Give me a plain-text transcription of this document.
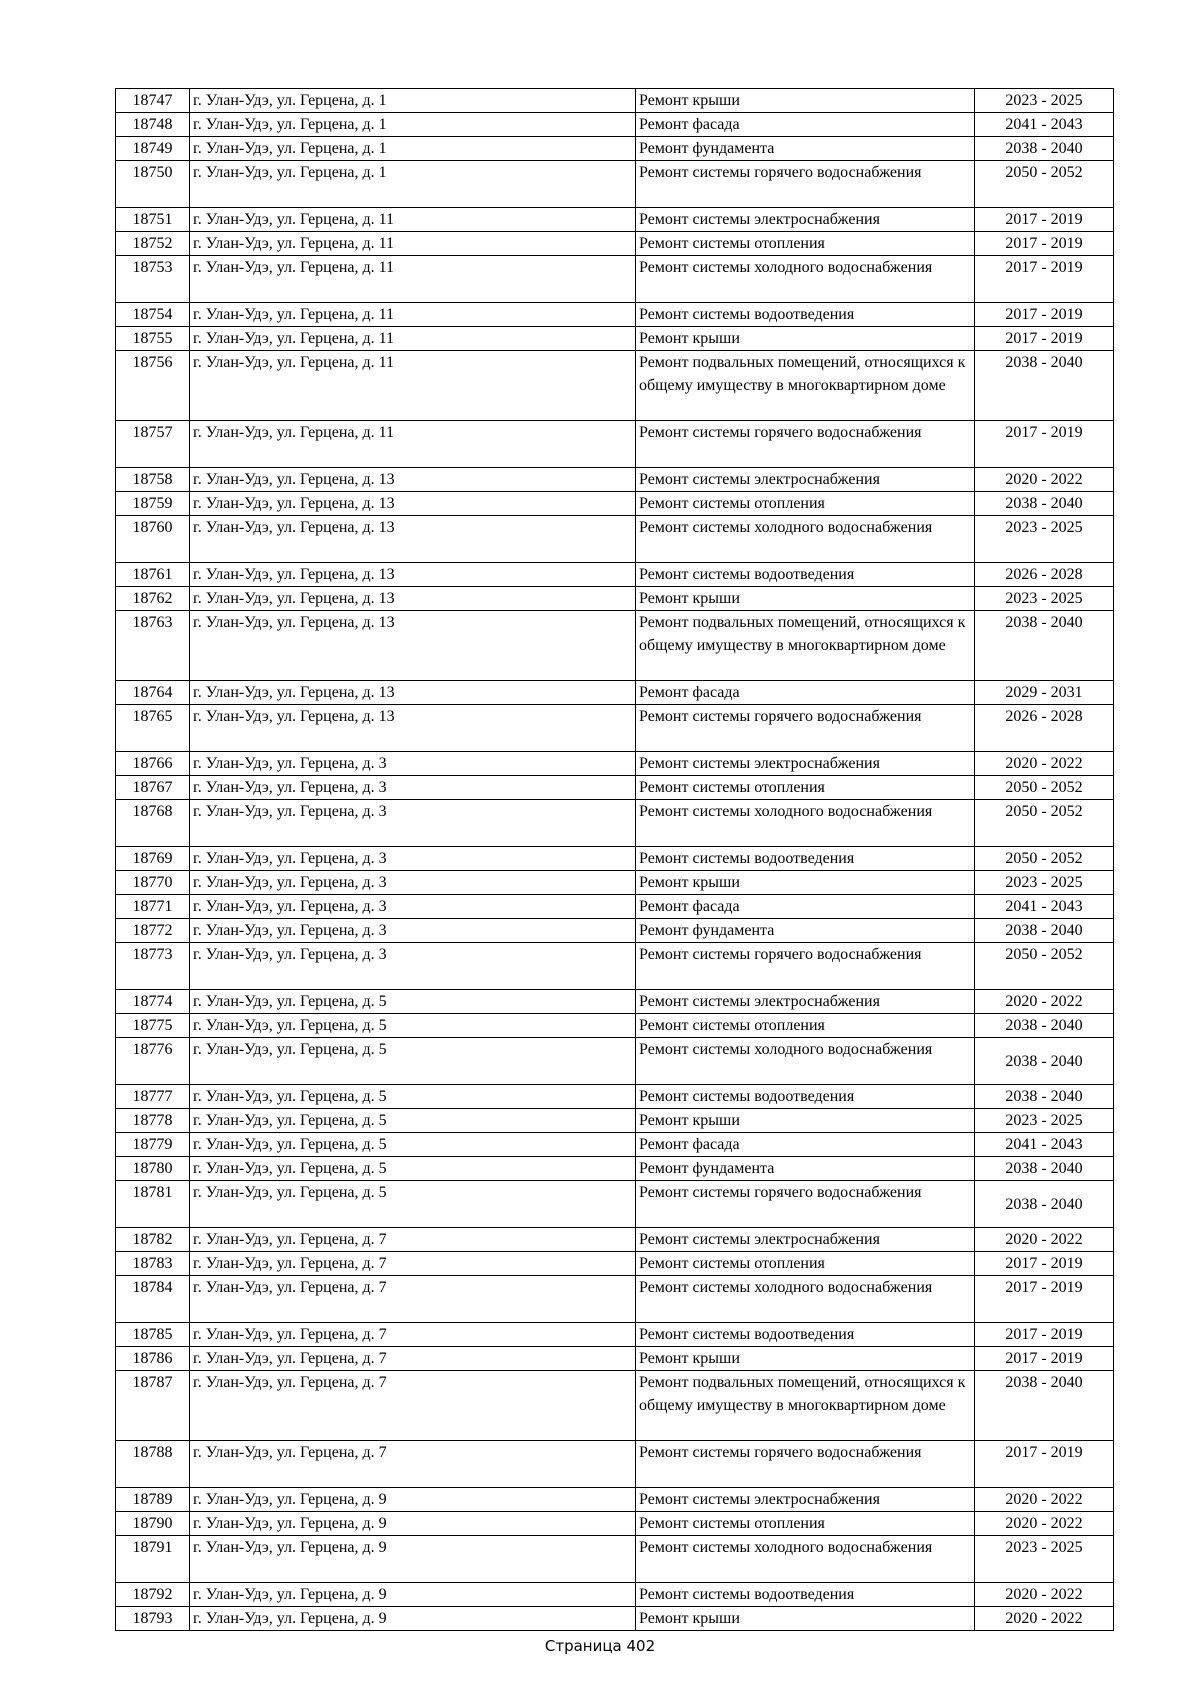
18747	г. Улан-Удэ, ул. Герцена, д. 1	Ремонт крыши	2023 - 2025
18748	г. Улан-Удэ, ул. Герцена, д. 1	Ремонт фасада	2041 - 2043
18749	г. Улан-Удэ, ул. Герцена, д. 1	Ремонт фундамента	2038 - 2040
18750	г. Улан-Удэ, ул. Герцена, д. 1	Ремонт системы горячего водоснабжения	2050 - 2052
18751	г. Улан-Удэ, ул. Герцена, д. 11	Ремонт системы электроснабжения	2017 - 2019
18752	г. Улан-Удэ, ул. Герцена, д. 11	Ремонт системы отопления	2017 - 2019
18753	г. Улан-Удэ, ул. Герцена, д. 11	Ремонт системы холодного водоснабжения	2017 - 2019
18754	г. Улан-Удэ, ул. Герцена, д. 11	Ремонт системы водоотведения	2017 - 2019
18755	г. Улан-Удэ, ул. Герцена, д. 11	Ремонт крыши	2017 - 2019
18756	г. Улан-Удэ, ул. Герцена, д. 11	Ремонт подвальных помещений, относящихся к общему имуществу в многоквартирном доме	2038 - 2040
18757	г. Улан-Удэ, ул. Герцена, д. 11	Ремонт системы горячего водоснабжения	2017 - 2019
18758	г. Улан-Удэ, ул. Герцена, д. 13	Ремонт системы электроснабжения	2020 - 2022
18759	г. Улан-Удэ, ул. Герцена, д. 13	Ремонт системы отопления	2038 - 2040
18760	г. Улан-Удэ, ул. Герцена, д. 13	Ремонт системы холодного водоснабжения	2023 - 2025
18761	г. Улан-Удэ, ул. Герцена, д. 13	Ремонт системы водоотведения	2026 - 2028
18762	г. Улан-Удэ, ул. Герцена, д. 13	Ремонт крыши	2023 - 2025
18763	г. Улан-Удэ, ул. Герцена, д. 13	Ремонт подвальных помещений, относящихся к общему имуществу в многоквартирном доме	2038 - 2040
18764	г. Улан-Удэ, ул. Герцена, д. 13	Ремонт фасада	2029 - 2031
18765	г. Улан-Удэ, ул. Герцена, д. 13	Ремонт системы горячего водоснабжения	2026 - 2028
18766	г. Улан-Удэ, ул. Герцена, д. 3	Ремонт системы электроснабжения	2020 - 2022
18767	г. Улан-Удэ, ул. Герцена, д. 3	Ремонт системы отопления	2050 - 2052
18768	г. Улан-Удэ, ул. Герцена, д. 3	Ремонт системы холодного водоснабжения	2050 - 2052
18769	г. Улан-Удэ, ул. Герцена, д. 3	Ремонт системы водоотведения	2050 - 2052
18770	г. Улан-Удэ, ул. Герцена, д. 3	Ремонт крыши	2023 - 2025
18771	г. Улан-Удэ, ул. Герцена, д. 3	Ремонт фасада	2041 - 2043
18772	г. Улан-Удэ, ул. Герцена, д. 3	Ремонт фундамента	2038 - 2040
18773	г. Улан-Удэ, ул. Герцена, д. 3	Ремонт системы горячего водоснабжения	2050 - 2052
18774	г. Улан-Удэ, ул. Герцена, д. 5	Ремонт системы электроснабжения	2020 - 2022
18775	г. Улан-Удэ, ул. Герцена, д. 5	Ремонт системы отопления	2038 - 2040
18776	г. Улан-Удэ, ул. Герцена, д. 5	Ремонт системы холодного водоснабжения	2038 - 2040
18777	г. Улан-Удэ, ул. Герцена, д. 5	Ремонт системы водоотведения	2038 - 2040
18778	г. Улан-Удэ, ул. Герцена, д. 5	Ремонт крыши	2023 - 2025
18779	г. Улан-Удэ, ул. Герцена, д. 5	Ремонт фасада	2041 - 2043
18780	г. Улан-Удэ, ул. Герцена, д. 5	Ремонт фундамента	2038 - 2040
18781	г. Улан-Удэ, ул. Герцена, д. 5	Ремонт системы горячего водоснабжения	2038 - 2040
18782	г. Улан-Удэ, ул. Герцена, д. 7	Ремонт системы электроснабжения	2020 - 2022
18783	г. Улан-Удэ, ул. Герцена, д. 7	Ремонт системы отопления	2017 - 2019
18784	г. Улан-Удэ, ул. Герцена, д. 7	Ремонт системы холодного водоснабжения	2017 - 2019
18785	г. Улан-Удэ, ул. Герцена, д. 7	Ремонт системы водоотведения	2017 - 2019
18786	г. Улан-Удэ, ул. Герцена, д. 7	Ремонт крыши	2017 - 2019
18787	г. Улан-Удэ, ул. Герцена, д. 7	Ремонт подвальных помещений, относящихся к общему имуществу в многоквартирном доме	2038 - 2040
18788	г. Улан-Удэ, ул. Герцена, д. 7	Ремонт системы горячего водоснабжения	2017 - 2019
18789	г. Улан-Удэ, ул. Герцена, д. 9	Ремонт системы электроснабжения	2020 - 2022
18790	г. Улан-Удэ, ул. Герцена, д. 9	Ремонт системы отопления	2020 - 2022
18791	г. Улан-Удэ, ул. Герцена, д. 9	Ремонт системы холодного водоснабжения	2023 - 2025
18792	г. Улан-Удэ, ул. Герцена, д. 9	Ремонт системы водоотведения	2020 - 2022
18793	г. Улан-Удэ, ул. Герцена, д. 9	Ремонт крыши	2020 - 2022
Страница 402
